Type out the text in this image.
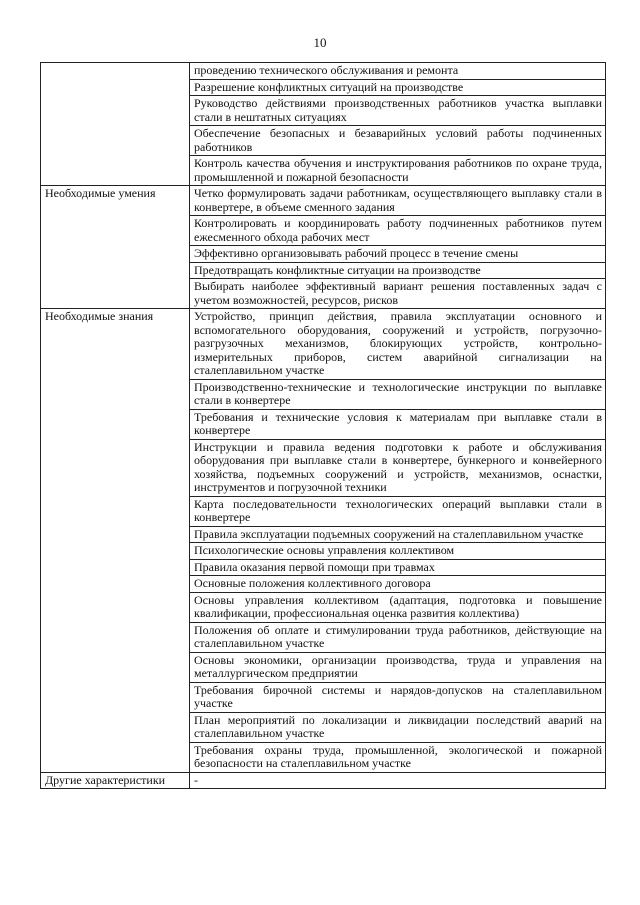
10

	проведению технического обслуживания и ремонта

	Разрешение конфликтных ситуаций на производстве

	Руководство действиями производственных работников участка выплавки стали в нештатных ситуациях

	Обеспечение безопасных и безаварийных условий работы подчиненных работников

	Контроль качества обучения и инструктирования работников по охране труда, промышленной и пожарной безопасности

Необходимые умения	Четко формулировать задачи работникам, осуществляющего выплавку стали в конвертере, в объеме сменного задания

	Контролировать и координировать работу подчиненных работников путем ежесменного обхода рабочих мест

	Эффективно организовывать рабочий процесс в течение смены

	Предотвращать конфликтные ситуации на производстве

	Выбирать наиболее эффективный вариант решения поставленных задач с учетом возможностей, ресурсов, рисков

Необходимые знания	Устройство, принцип действия, правила эксплуатации основного и вспомогательного оборудования, сооружений и устройств, погрузочно-разгрузочных механизмов, блокирующих устройств, контрольно-измерительных приборов, систем аварийной сигнализации на сталеплавильном участке

	Производственно-технические и технологические инструкции по выплавке стали в конвертере

	Требования и технические условия к материалам при выплавке стали в конвертере

	Инструкции и правила ведения подготовки к работе и обслуживания оборудования при выплавке стали в конвертере, бункерного и конвейерного хозяйства, подъемных сооружений и устройств, механизмов, оснастки, инструментов и погрузочной техники

	Карта последовательности технологических операций выплавки стали в конвертере

	Правила эксплуатации подъемных сооружений на сталеплавильном участке

	Психологические основы управления коллективом

	Правила оказания первой помощи при травмах

	Основные положения коллективного договора

	Основы управления коллективом (адаптация, подготовка и повышение квалификации, профессиональная оценка развития коллектива)

	Положения об оплате и стимулировании труда работников, действующие на сталеплавильном участке

	Основы экономики, организации производства, труда и управления на металлургическом предприятии

	Требования бирочной системы и нарядов-допусков на сталеплавильном участке

	План мероприятий по локализации и ликвидации последствий аварий на сталеплавильном участке

	Требования охраны труда, промышленной, экологической и пожарной безопасности на сталеплавильном участке

Другие характеристики	-
